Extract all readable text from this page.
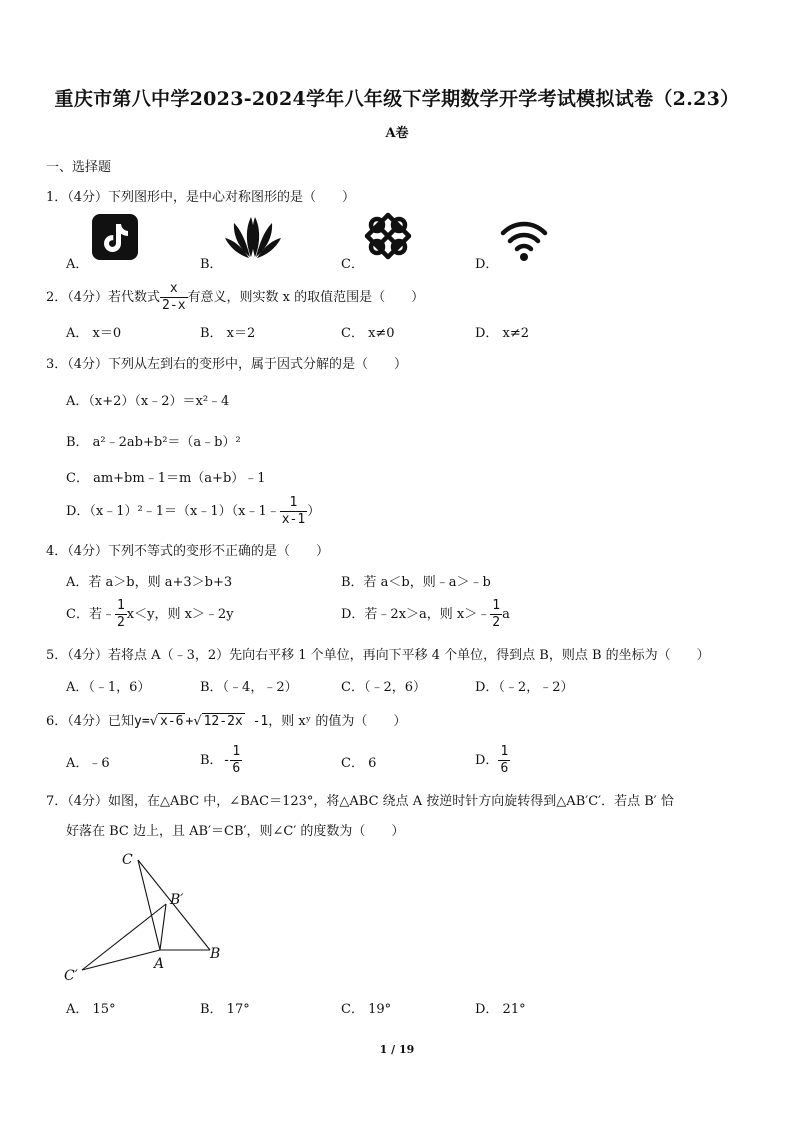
重庆市第八中学2023-2024学年八年级下学期数学开学考试模拟试卷（2.23）
A卷
一、选择题
1．（4分）下列图形中，是中心对称图形的是（　　）
A．	B．	C．	D．
2．（4分）若代数式 $\frac{x}{2-x}$ 有意义，则实数 x 的取值范围是（　　）
A． x＝0	B． x＝2	C． x≠0	D． x≠2
3．（4分）下列从左到右的变形中，属于因式分解的是（　　）
A．（x+2）（x﹣2）＝x²﹣4
B． a²﹣2ab+b²＝（a﹣b）²
C． am+bm﹣1＝m（a+b）﹣1
D．（x﹣1）²﹣1＝（x﹣1）（x﹣1﹣ $\frac{1}{x-1}$ ）
4．（4分）下列不等式的变形不正确的是（　　）
A．若 a＞b，则 a+3＞b+3	B．若 a＜b，则﹣a＞﹣b
C．若﹣ $\frac{1}{2} x<y$，则 x＞﹣2y	D．若﹣2x＞a，则 x＞﹣ $\frac{1}{2}$ a
5．（4分）若将点 A（﹣3，2）先向右平移 1 个单位，再向下平移 4 个单位，得到点 B，则点 B 的坐标为（　　）
A．（﹣1，6）	B．（﹣4，﹣2）	C．（﹣2，6）	D．（﹣2，﹣2）
6．（4分）已知y=√ x-6 +√ 12-2x -1，则 xʸ 的值为（　　）
A．﹣6	B．- $\frac{1}{6}$	C． 6	D． $\frac{1}{6}$
7．（4分）如图，在△ABC 中，∠BAC＝123°，将△ABC 绕点 A 按逆时针方向旋转得到△AB′C′．若点 B′ 恰
好落在 BC 边上，且 AB′＝CB′，则∠C′ 的度数为（　　）
C
B′
B
C′
A
A． 15°	B． 17°	C． 19°	D． 21°
1 / 19
